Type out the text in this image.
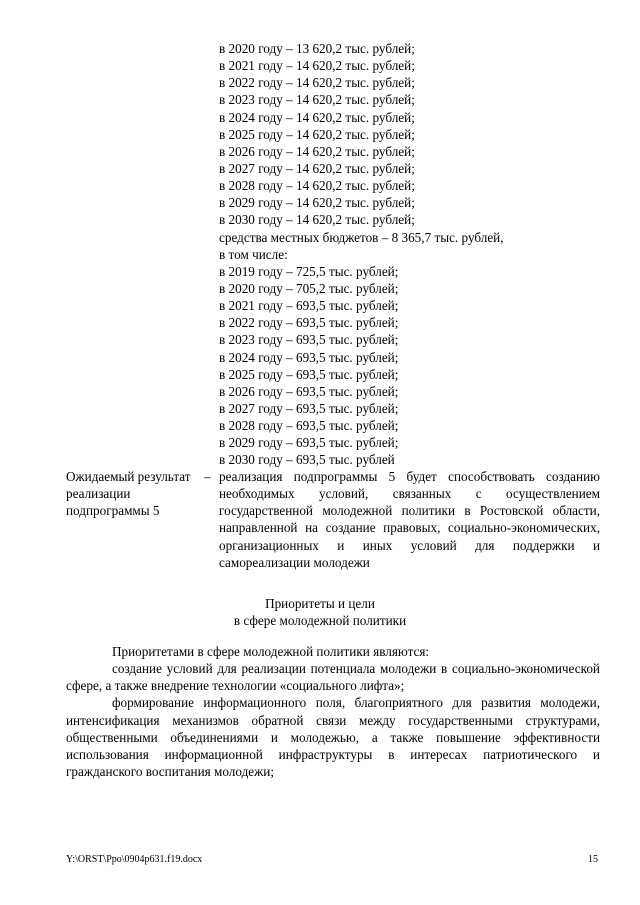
в 2020 году – 13 620,2 тыс. рублей;
в 2021 году – 14 620,2 тыс. рублей;
в 2022 году – 14 620,2 тыс. рублей;
в 2023 году – 14 620,2 тыс. рублей;
в 2024 году – 14 620,2 тыс. рублей;
в 2025 году – 14 620,2 тыс. рублей;
в 2026 году – 14 620,2 тыс. рублей;
в 2027 году – 14 620,2 тыс. рублей;
в 2028 году – 14 620,2 тыс. рублей;
в 2029 году – 14 620,2 тыс. рублей;
в 2030 году – 14 620,2 тыс. рублей;
средства местных бюджетов – 8 365,7 тыс. рублей,
в том числе:
в 2019 году – 725,5 тыс. рублей;
в 2020 году – 705,2 тыс. рублей;
в 2021 году – 693,5 тыс. рублей;
в 2022 году – 693,5 тыс. рублей;
в 2023 году – 693,5 тыс. рублей;
в 2024 году – 693,5 тыс. рублей;
в 2025 году – 693,5 тыс. рублей;
в 2026 году – 693,5 тыс. рублей;
в 2027 году – 693,5 тыс. рублей;
в 2028 году – 693,5 тыс. рублей;
в 2029 году – 693,5 тыс. рублей;
в 2030 году – 693,5 тыс. рублей
Ожидаемый результат реализации подпрограммы 5
– реализация подпрограммы 5 будет способствовать созданию необходимых условий, связанных с осуществлением государственной молодежной политики в Ростовской области, направленной на создание правовых, социально-экономических, организационных и иных условий для поддержки и самореализации молодежи
Приоритеты и цели
в сфере молодежной политики

Приоритетами в сфере молодежной политики являются:

создание условий для реализации потенциала молодежи в социально-экономической сфере, а также внедрение технологии «социального лифта»;

формирование информационного поля, благоприятного для развития молодежи, интенсификация механизмов обратной связи между государственными структурами, общественными объединениями и молодежью, а также повышение эффективности использования информационной инфраструктуры в интересах патриотического и гражданского воспитания молодежи;

Y:\ORST\Ppo\0904p631.f19.docx	15
